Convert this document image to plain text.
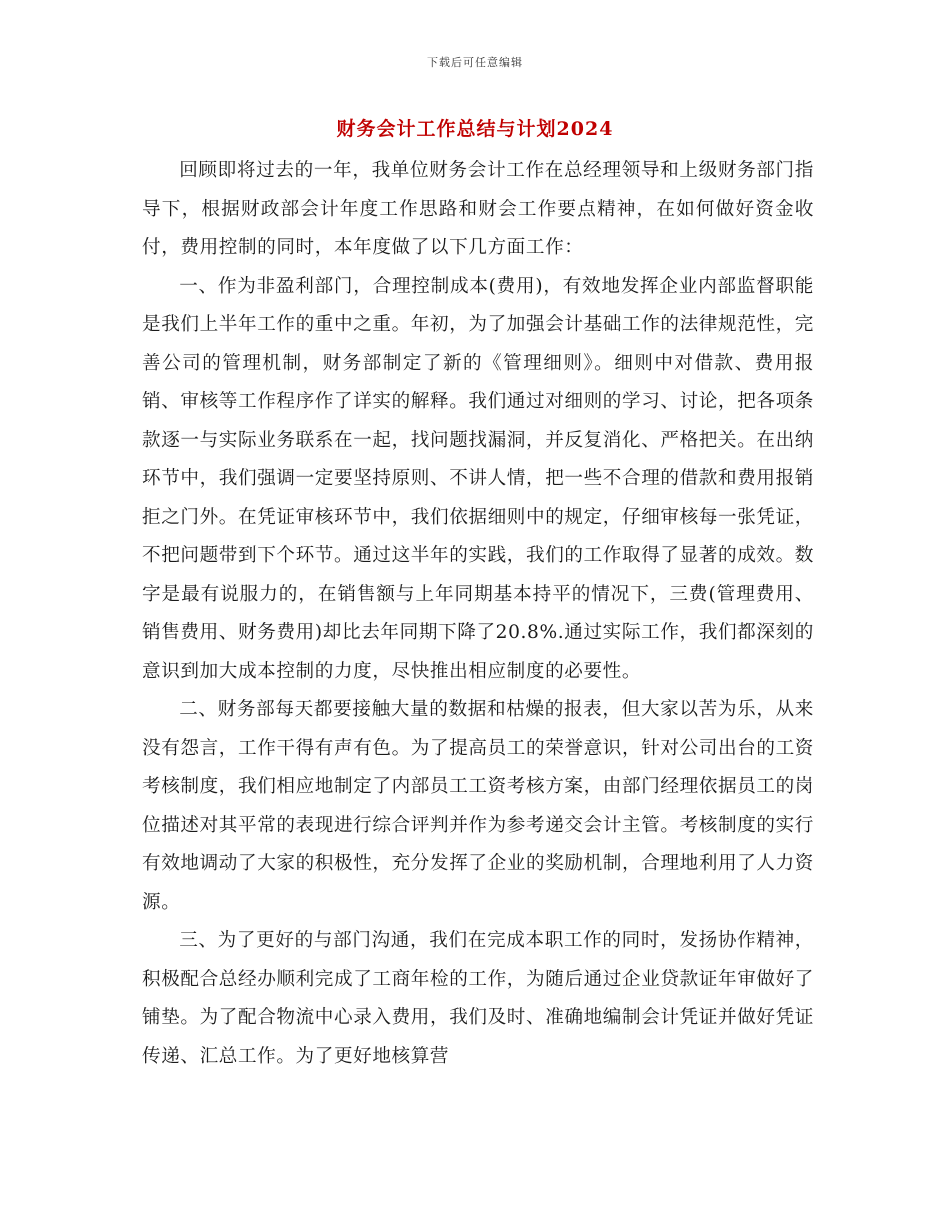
下载后可任意编辑
财务会计工作总结与计划2024

回顾即将过去的一年，我单位财务会计工作在总经理领导和上级财务部门指导下，根据财政部会计年度工作思路和财会工作要点精神，在如何做好资金收付，费用控制的同时，本年度做了以下几方面工作：

一、作为非盈利部门，合理控制成本(费用)，有效地发挥企业内部监督职能是我们上半年工作的重中之重。年初，为了加强会计基础工作的法律规范性，完善公司的管理机制，财务部制定了新的《管理细则》。细则中对借款、费用报销、审核等工作程序作了详实的解释。我们通过对细则的学习、讨论，把各项条款逐一与实际业务联系在一起，找问题找漏洞，并反复消化、严格把关。在出纳环节中，我们强调一定要坚持原则、不讲人情，把一些不合理的借款和费用报销拒之门外。在凭证审核环节中，我们依据细则中的规定，仔细审核每一张凭证，不把问题带到下个环节。通过这半年的实践，我们的工作取得了显著的成效。数字是最有说服力的，在销售额与上年同期基本持平的情况下，三费(管理费用、销售费用、财务费用)却比去年同期下降了20.8%.通过实际工作，我们都深刻的意识到加大成本控制的力度，尽快推出相应制度的必要性。

二、财务部每天都要接触大量的数据和枯燥的报表，但大家以苦为乐，从来没有怨言，工作干得有声有色。为了提高员工的荣誉意识，针对公司出台的工资考核制度，我们相应地制定了内部员工工资考核方案，由部门经理依据员工的岗位描述对其平常的表现进行综合评判并作为参考递交会计主管。考核制度的实行有效地调动了大家的积极性，充分发挥了企业的奖励机制，合理地利用了人力资源。

三、为了更好的与部门沟通，我们在完成本职工作的同时，发扬协作精神，积极配合总经办顺利完成了工商年检的工作，为随后通过企业贷款证年审做好了铺垫。为了配合物流中心录入费用，我们及时、准确地编制会计凭证并做好凭证传递、汇总工作。为了更好地核算营
